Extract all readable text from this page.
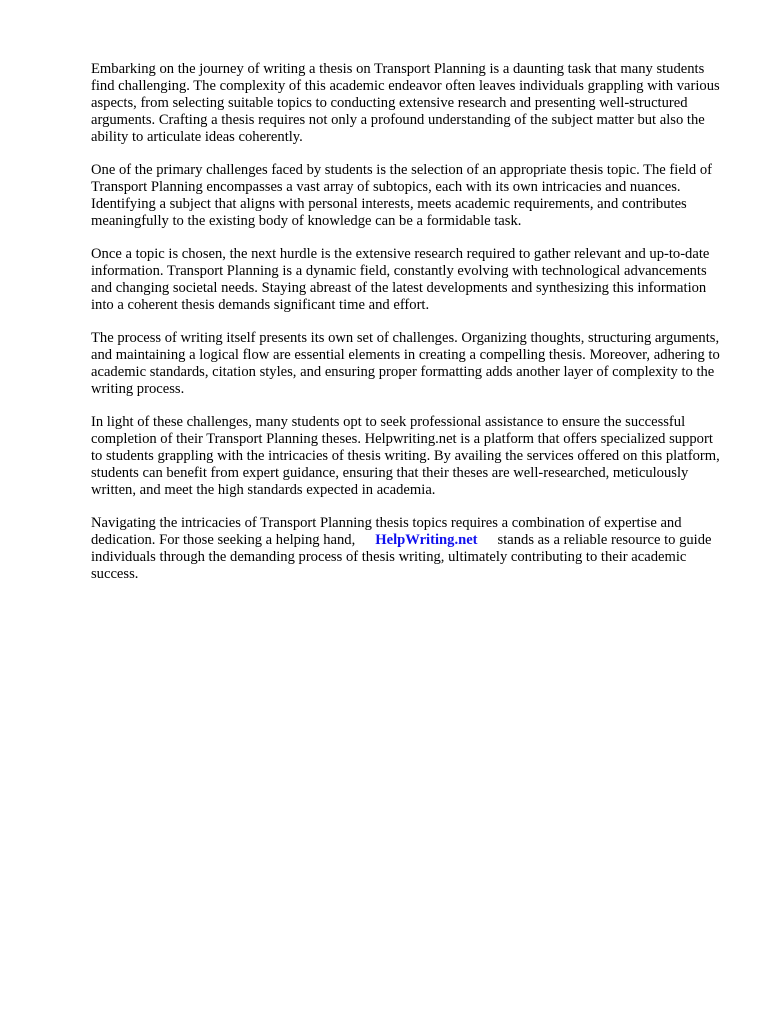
Embarking on the journey of writing a thesis on Transport Planning is a daunting task that many students find challenging. The complexity of this academic endeavor often leaves individuals grappling with various aspects, from selecting suitable topics to conducting extensive research and presenting well-structured arguments. Crafting a thesis requires not only a profound understanding of the subject matter but also the ability to articulate ideas coherently.

One of the primary challenges faced by students is the selection of an appropriate thesis topic. The field of Transport Planning encompasses a vast array of subtopics, each with its own intricacies and nuances. Identifying a subject that aligns with personal interests, meets academic requirements, and contributes meaningfully to the existing body of knowledge can be a formidable task.

Once a topic is chosen, the next hurdle is the extensive research required to gather relevant and up-to-date information. Transport Planning is a dynamic field, constantly evolving with technological advancements and changing societal needs. Staying abreast of the latest developments and synthesizing this information into a coherent thesis demands significant time and effort.

The process of writing itself presents its own set of challenges. Organizing thoughts, structuring arguments, and maintaining a logical flow are essential elements in creating a compelling thesis. Moreover, adhering to academic standards, citation styles, and ensuring proper formatting adds another layer of complexity to the writing process.

In light of these challenges, many students opt to seek professional assistance to ensure the successful completion of their Transport Planning theses. Helpwriting.net is a platform that offers specialized support to students grappling with the intricacies of thesis writing. By availing the services offered on this platform, students can benefit from expert guidance, ensuring that their theses are well-researched, meticulously written, and meet the high standards expected in academia.

Navigating the intricacies of Transport Planning thesis topics requires a combination of expertise and dedication. For those seeking a helping hand, HelpWriting.net stands as a reliable resource to guide individuals through the demanding process of thesis writing, ultimately contributing to their academic success.
